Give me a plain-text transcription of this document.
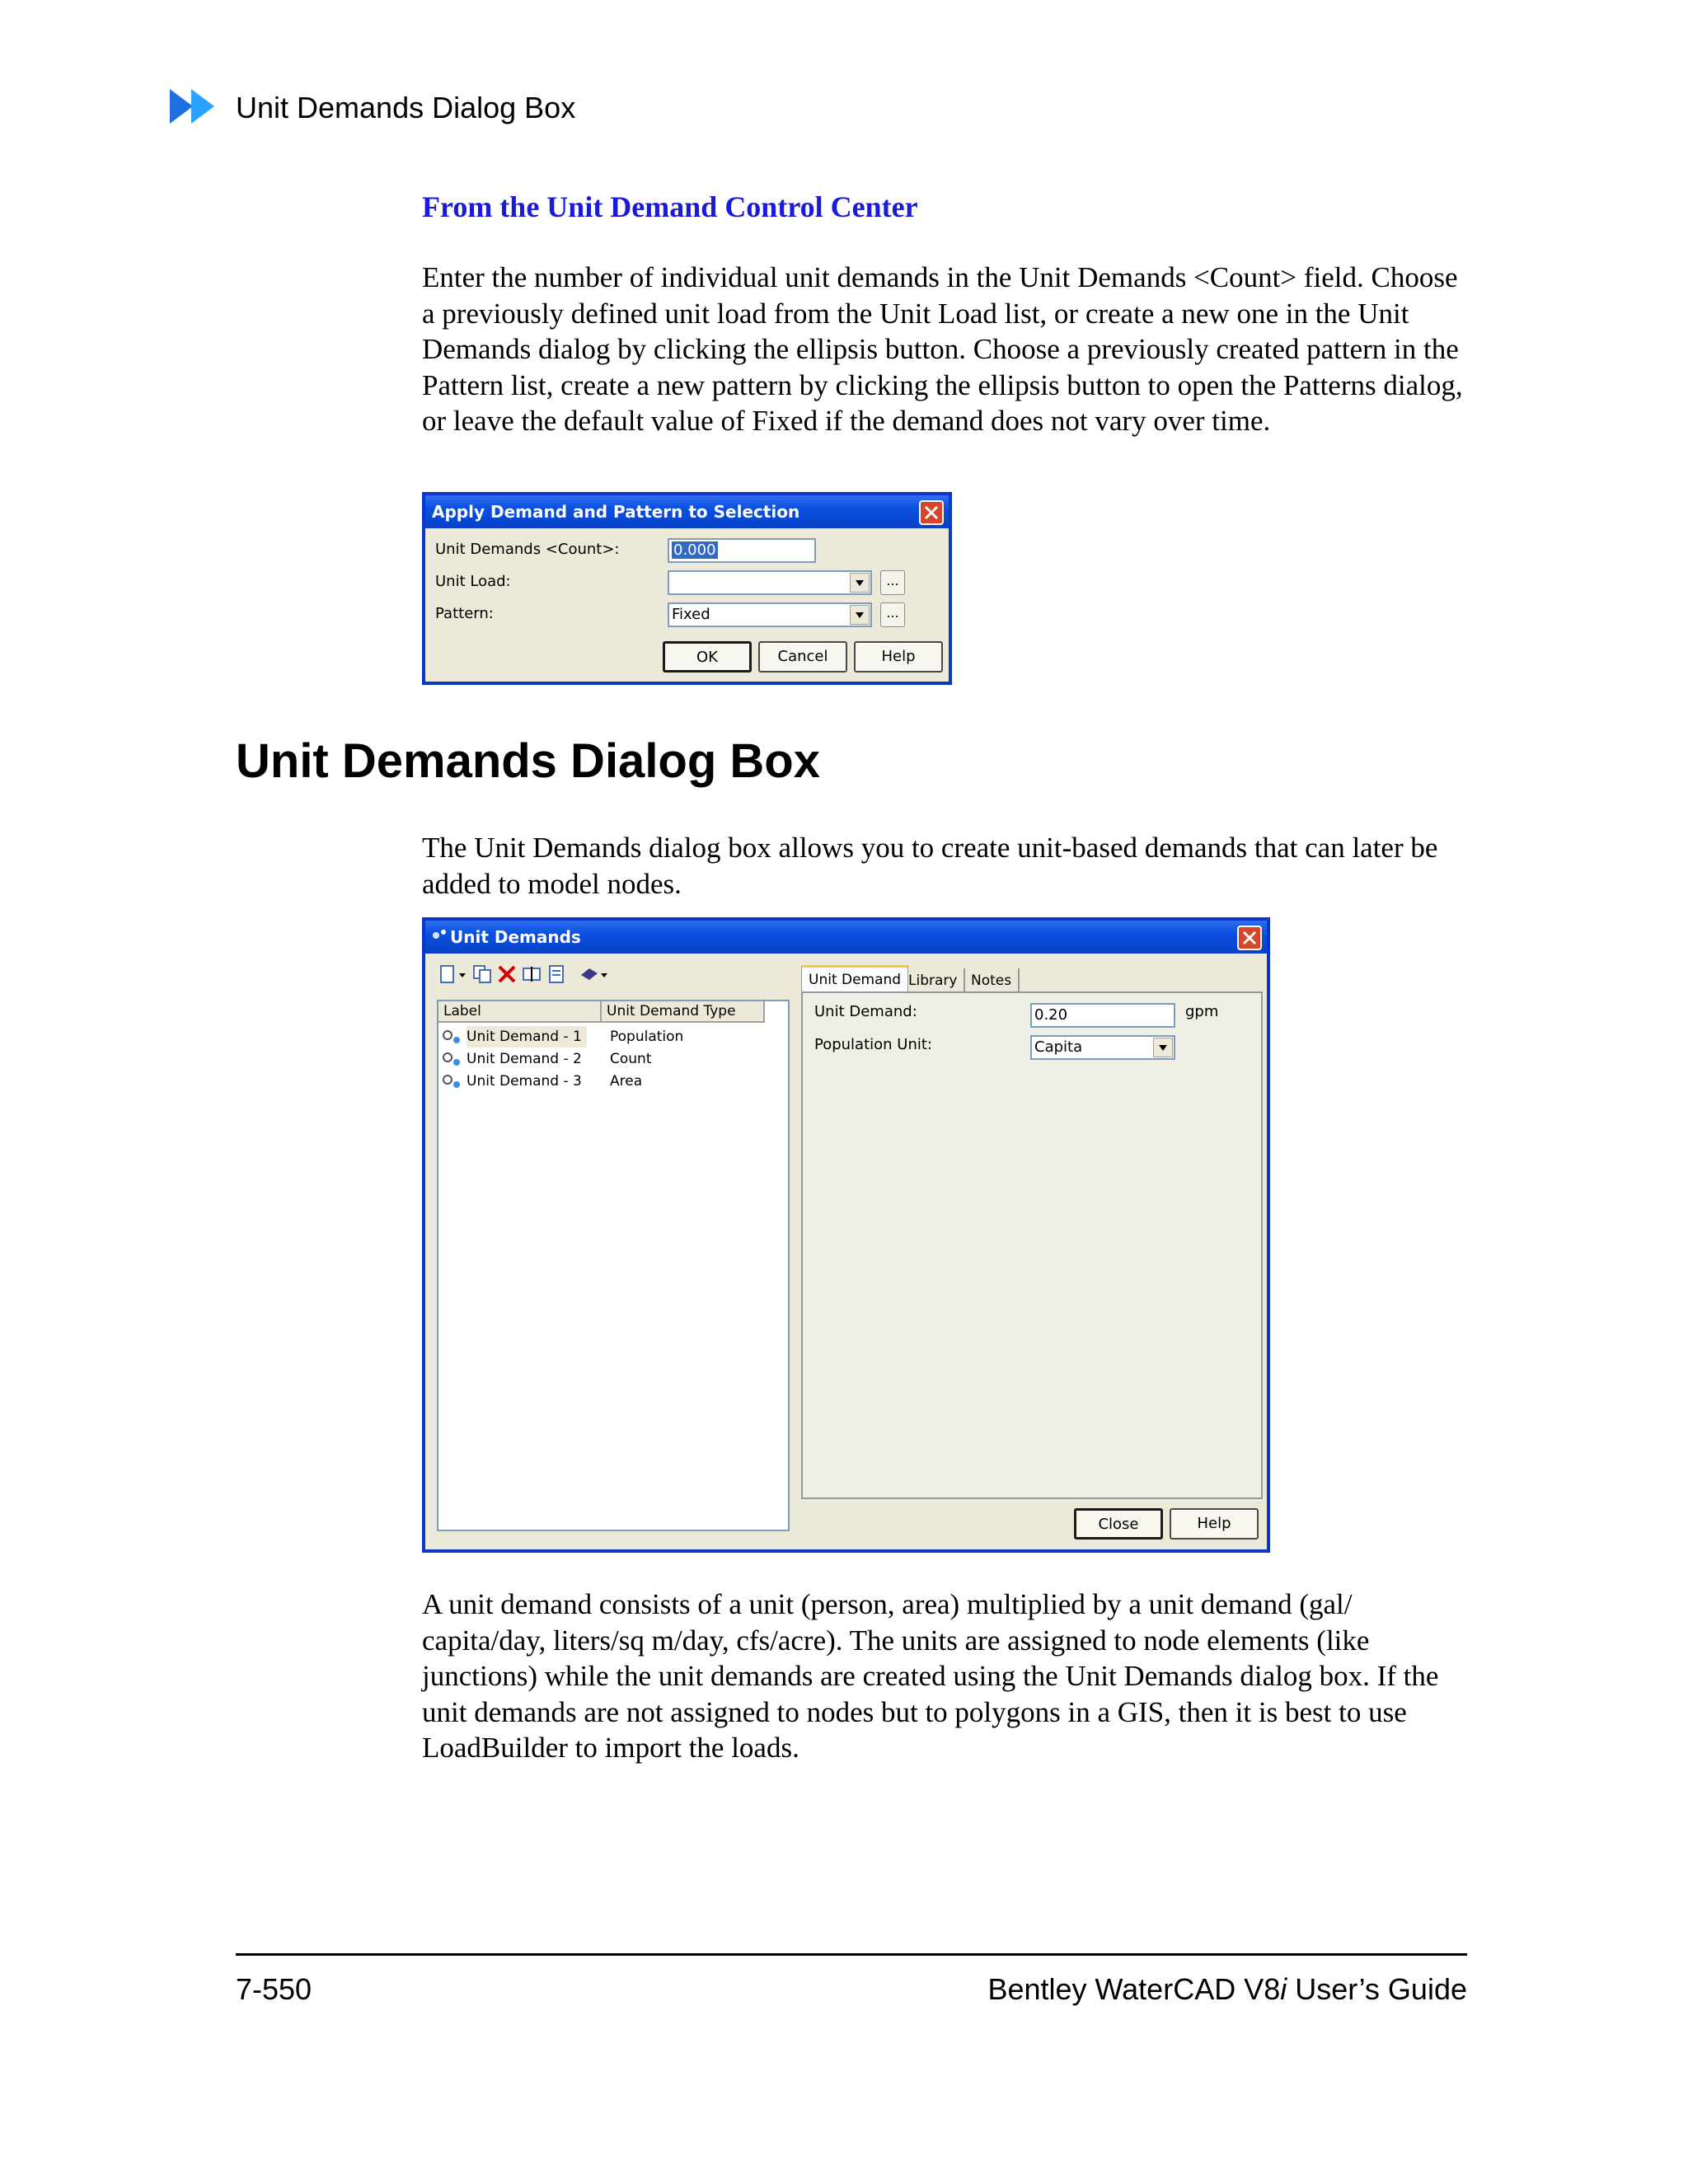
Unit Demands Dialog Box
From the Unit Demand Control Center
Enter the number of individual unit demands in the Unit Demands <Count> field. Choose a previously defined unit load from the Unit Load list, or create a new one in the Unit Demands dialog by clicking the ellipsis button. Choose a previously created pattern in the Pattern list, create a new pattern by clicking the ellipsis button to open the Patterns dialog, or leave the default value of Fixed if the demand does not vary over time.
Apply Demand and Pattern to Selection
Unit Demands <Count>:	0.000
Unit Load:	...
Pattern:	Fixed	...
OK	Cancel	Help
Unit Demands Dialog Box
The Unit Demands dialog box allows you to create unit-based demands that can later be added to model nodes.
Unit Demands
Label	Unit Demand Type
Unit Demand - 1	Population
Unit Demand - 2 Count
Unit Demand - 3 Area
Unit Demand Library Notes
Unit Demand:	0.20	gpm
Population Unit:	Capita
Close	Help
A unit demand consists of a unit (person, area) multiplied by a unit demand (gal/ capita/day, liters/sq m/day, cfs/acre). The units are assigned to node elements (like junctions) while the unit demands are created using the Unit Demands dialog box. If the unit demands are not assigned to nodes but to polygons in a GIS, then it is best to use LoadBuilder to import the loads.
7-550	Bentley WaterCAD V8i User’s Guide
